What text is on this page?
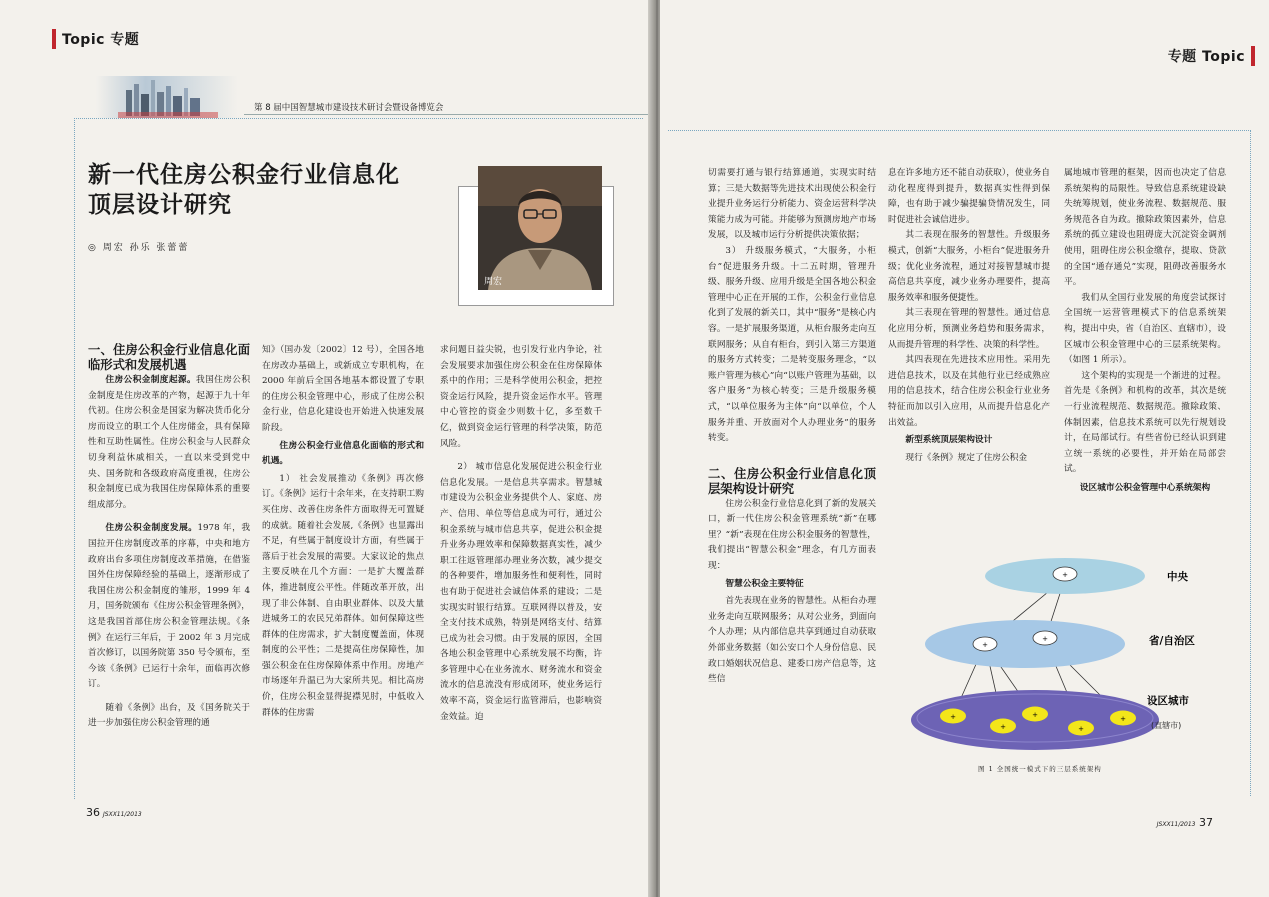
Topic 专题
第 8 届中国智慧城市建设技术研讨会暨设备博览会
新一代住房公积金行业信息化
顶层设计研究
◎ 周宏 孙乐 张蕾蕾
周宏

一、住房公积金行业信息化面临形式和发展机遇

住房公积金制度起源。我国住房公积金制度是住房改革的产物，起源于九十年代初。住房公积金是国家为解决货币化分房而设立的职工个人住房储金，具有保障性和互助性属性。住房公积金与人民群众切身利益休戚相关，一直以来受到党中央、国务院和各级政府高度重视，住房公积金制度已成为我国住房保障体系的重要组成部分。

住房公积金制度发展。1978 年，我国拉开住房制度改革的序幕，中央和地方政府出台多项住房制度改革措施，在借鉴国外住房保障经验的基础上，逐渐形成了我国住房公积金制度的雏形，1999 年 4 月，国务院颁布《住房公积金管理条例》，这是我国首部住房公积金管理法规。《条例》在运行三年后，于 2002 年 3 月完成首次修订，以国务院第 350 号令颁布，至今该《条例》已运行十余年，面临再次修订。

随着《条例》出台，及《国务院关于进一步加强住房公积金管理的通

知》（国办发〔2002〕12 号），全国各地在房改办基础上，或新成立专职机构，在 2000 年前后全国各地基本都设置了专职的住房公积金管理中心，形成了住房公积金行业，信息化建设也开始进入快速发展阶段。

住房公积金行业信息化面临的形式和机遇。

1） 社会发展推动《条例》再次修订。《条例》运行十余年来，在支持职工购买住房、改善住房条件方面取得无可置疑的成就。随着社会发展,《条例》也显露出不足，有些属于制度设计方面，有些属于落后于社会发展的需要。大家议论的焦点主要反映在几个方面：一是扩大覆盖群体，推进制度公平性。伴随改革开放，出现了非公体制、自由职业群体、以及大量进城务工的农民兄弟群体。如何保障这些群体的住房需求，扩大制度覆盖面，体现制度的公平性；二是提高住房保障性，加强公积金在住房保障体系中作用。房地产市场逐年升温已为大家所共见。相比高房价，住房公积金显得捉襟见肘，中低收入群体的住房需

求问题日益尖锐，也引发行业内争论，社会发展要求加强住房公积金在住房保障体系中的作用；三是科学使用公积金，把控资金运行风险，提升资金运作水平。管理中心管控的资金少则数十亿，多至数千亿，做到资金运行管理的科学决策，防范风险。

2） 城市信息化发展促进公积金行业信息化发展。一是信息共享需求。智慧城市建设为公积金业务提供个人、家庭、房产、信用、单位等信息成为可行，通过公积金系统与城市信息共享，促进公积金提升业务办理效率和保障数据真实性，减少职工往返管理部办理业务次数，减少提交的各种要件，增加服务性和便利性，同时也有助于促进社会诚信体系的建设；二是实现实时银行结算。互联网得以普及，安全支付技术成熟，特别是网络支付、结算已成为社会习惯。由于发展的原因，全国各地公积金管理中心系统发展不均衡，许多管理中心在业务流水、财务流水和资金流水的信息流没有形成闭环，使业务运行效率不高，资金运行监管滞后，也影响资金效益。迫

36 JSXX11/2013
专题 Topic

切需要打通与银行结算通道，实现实时结算；三是大数据等先进技术出现使公积金行业提升业务运行分析能力、资金运营科学决策能力成为可能。并能够为预测房地产市场发展，以及城市运行分析提供决策依据；

3） 升级服务模式，“大服务，小柜台”促进服务升级。十二五时期，管理升级、服务升级、应用升级是全国各地公积金管理中心正在开展的工作，公积金行业信息化到了发展的新关口，其中“服务”是核心内容。一是扩展服务渠道，从柜台服务走向互联网服务；从自有柜台，到引入第三方渠道的服务方式转变；二是转变服务理念，“以账户管理为核心”向“以账户管理为基础，以客户服务”为核心转变；三是升级服务模式，“以单位服务为主体”向“以单位，个人服务并重、开放面对个人办理业务”的服务转变。

二、住房公积金行业信息化顶层架构设计研究

住房公积金行业信息化到了新的发展关口，新一代住房公积金管理系统“新”在哪里？“新”表现在住房公积金服务的智慧性，我们提出“智慧公积金”理念，有几方面表现：

智慧公积金主要特征

首先表现在业务的智慧性。从柜台办理业务走向互联网服务；从对公业务，到面向个人办理；从内部信息共享到通过自动获取外部业务数据（如公安口个人身份信息、民政口婚姻状况信息、建委口房产信息等，这些信

息在许多地方还不能自动获取），使业务自动化程度得到提升，数据真实性得到保障，也有助于减少骗提骗贷情况发生，同时促进社会诚信进步。

其二表现在服务的智慧性。升级服务模式，创新“大服务，小柜台”促进服务升级；优化业务流程，通过对接智慧城市提高信息共享度，减少业务办理要件，提高服务效率和服务便捷性。

其三表现在管理的智慧性。通过信息化应用分析，预测业务趋势和服务需求，从而提升管理的科学性、决策的科学性。

其四表现在先进技术应用性。采用先进信息技术，以及在其他行业已经成熟应用的信息技术，结合住房公积金行业业务特征而加以引入应用，从而提升信息化产出效益。

新型系统顶层架构设计

现行《条例》规定了住房公积金

属地城市管理的框架，因而也决定了信息系统架构的局限性。导致信息系统建设缺失统筹规划，使业务流程、数据规范、服务规范各自为政。撤除政策因素外，信息系统的孤立建设也阻碍庞大沉淀资金调剂使用，阻碍住房公积金缴存，提取、贷款的全国“通存通兑”实现，阻碍改善服务水平。

我们从全国行业发展的角度尝试探讨全国统一运营管理模式下的信息系统架构，提出中央，省（自治区、直辖市），设区城市公积金管理中心的三层系统架构。（如图 1 所示）。

这个架构的实现是一个渐进的过程。首先是《条例》和机构的改革，其次是统一行业流程规范、数据规范。撤除政策、体制因素，信息技术系统可以先行规划设计，在局部试行。有些省份已经认识到建立统一系统的必要性，并开始在局部尝试。

设区城市公积金管理中心系统架构

+
+
+
+
+
+
+
+
中央
省/自治区
设区城市
(直辖市)
图 1 全国统一模式下的三层系统架构
JSXX11/2013 37
